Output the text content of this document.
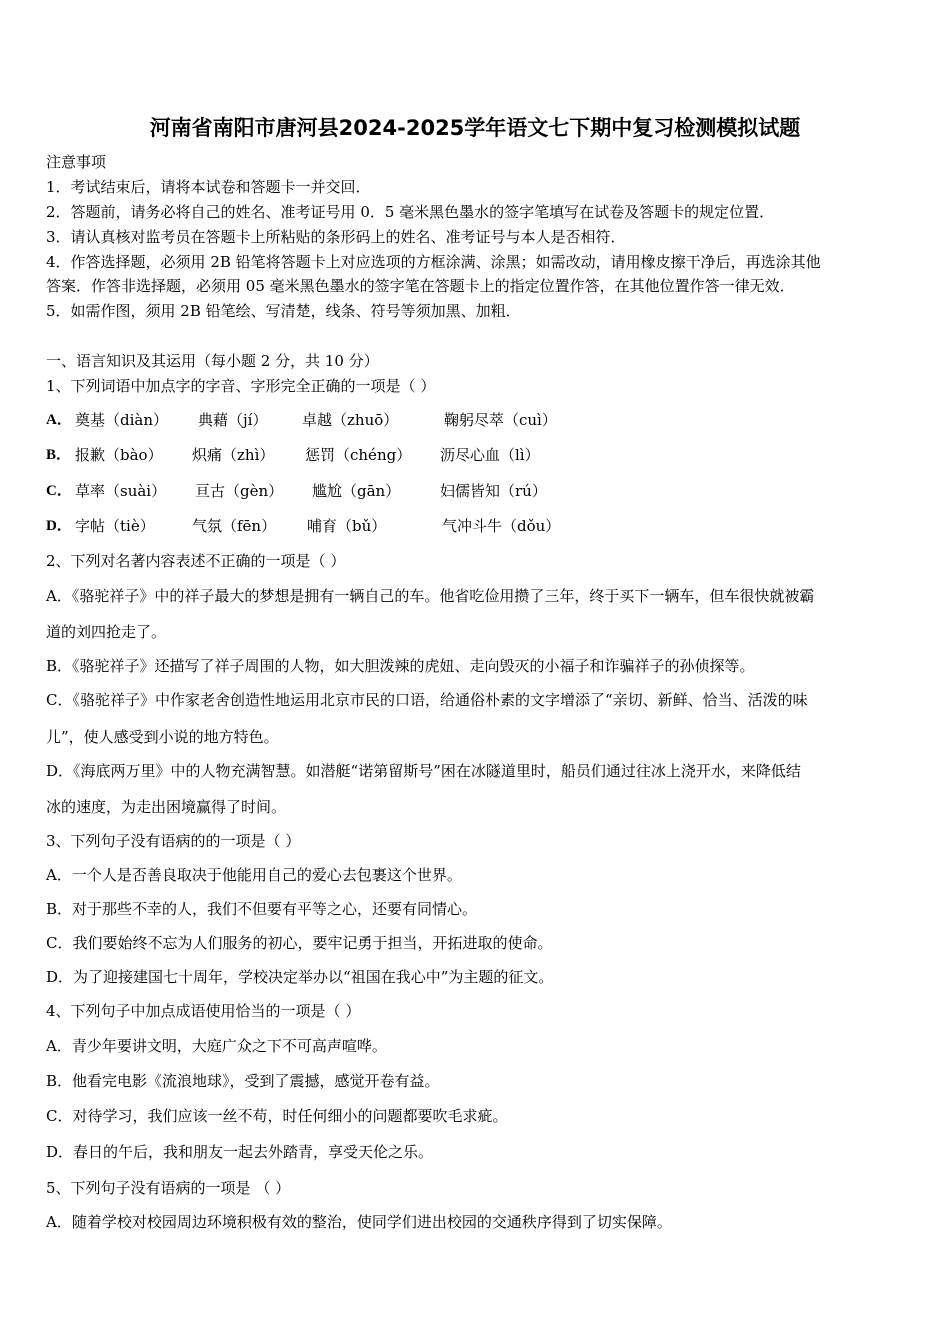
河南省南阳市唐河县2024-2025学年语文七下期中复习检测模拟试题
注意事项
1．考试结束后，请将本试卷和答题卡一并交回．
2．答题前，请务必将自己的姓名、准考证号用 0．5 毫米黑色墨水的签字笔填写在试卷及答题卡的规定位置．
3．请认真核对监考员在答题卡上所粘贴的条形码上的姓名、准考证号与本人是否相符．
4．作答选择题，必须用 2B 铅笔将答题卡上对应选项的方框涂满、涂黑；如需改动，请用橡皮擦干净后，再选涂其他
答案．作答非选择题，必须用 05 毫米黑色墨水的签字笔在答题卡上的指定位置作答，在其他位置作答一律无效．
5．如需作图，须用 2B 铅笔绘、写清楚，线条、符号等须加黑、加粗．
一、语言知识及其运用（每小题 2 分，共 10 分）
1、下列词语中加点字的字音、字形完全正确的一项是（ ）
A． 奠基（diàn） 典藉（jí） 卓越（zhuō）	鞠躬尽萃（cuì）
B． 报歉（bào） 炽痛（zhì） 惩罚（chéng） 沥尽心血（lì）
C． 草率（suài） 亘古（gèn） 尴尬（gān）	妇儒皆知（rú）
D． 字帖（tiè） 气氛（fēn） 哺育（bǔ）	气冲斗牛（dǒu）
2、下列对名著内容表述不正确的一项是（ ）
A．《骆驼祥子》中的祥子最大的梦想是拥有一辆自己的车。他省吃俭用攒了三年，终于买下一辆车，但车很快就被霸
道的刘四抢走了。
B．《骆驼祥子》还描写了祥子周围的人物，如大胆泼辣的虎妞、走向毁灭的小福子和诈骗祥子的孙侦探等。
C．《骆驼祥子》中作家老舍创造性地运用北京市民的口语，给通俗朴素的文字增添了“亲切、新鲜、恰当、活泼的味
儿”，使人感受到小说的地方特色。
D．《海底两万里》中的人物充满智慧。如潜艇“诺第留斯号”困在冰隧道里时，船员们通过往冰上浇开水，来降低结
冰的速度，为走出困境赢得了时间。
3、下列句子没有语病的的一项是（ ）
A．一个人是否善良取决于他能用自己的爱心去包裹这个世界。
B．对于那些不幸的人，我们不但要有平等之心，还要有同情心。
C．我们要始终不忘为人们服务的初心，要牢记勇于担当，开拓进取的使命。
D．为了迎接建国七十周年，学校决定举办以“祖国在我心中”为主题的征文。
4、下列句子中加点成语使用恰当的一项是（ ）
A．青少年要讲文明，大庭广众之下不可高声喧哗。
B．他看完电影《流浪地球》，受到了震撼，感觉开卷有益。
C．对待学习，我们应该一丝不苟，时任何细小的问题都要吹毛求疵。
D．春日的午后，我和朋友一起去外踏青，享受天伦之乐。
5、下列句子没有语病的一项是 （ ）
A．随着学校对校园周边环境积极有效的整治，使同学们进出校园的交通秩序得到了切实保障。
